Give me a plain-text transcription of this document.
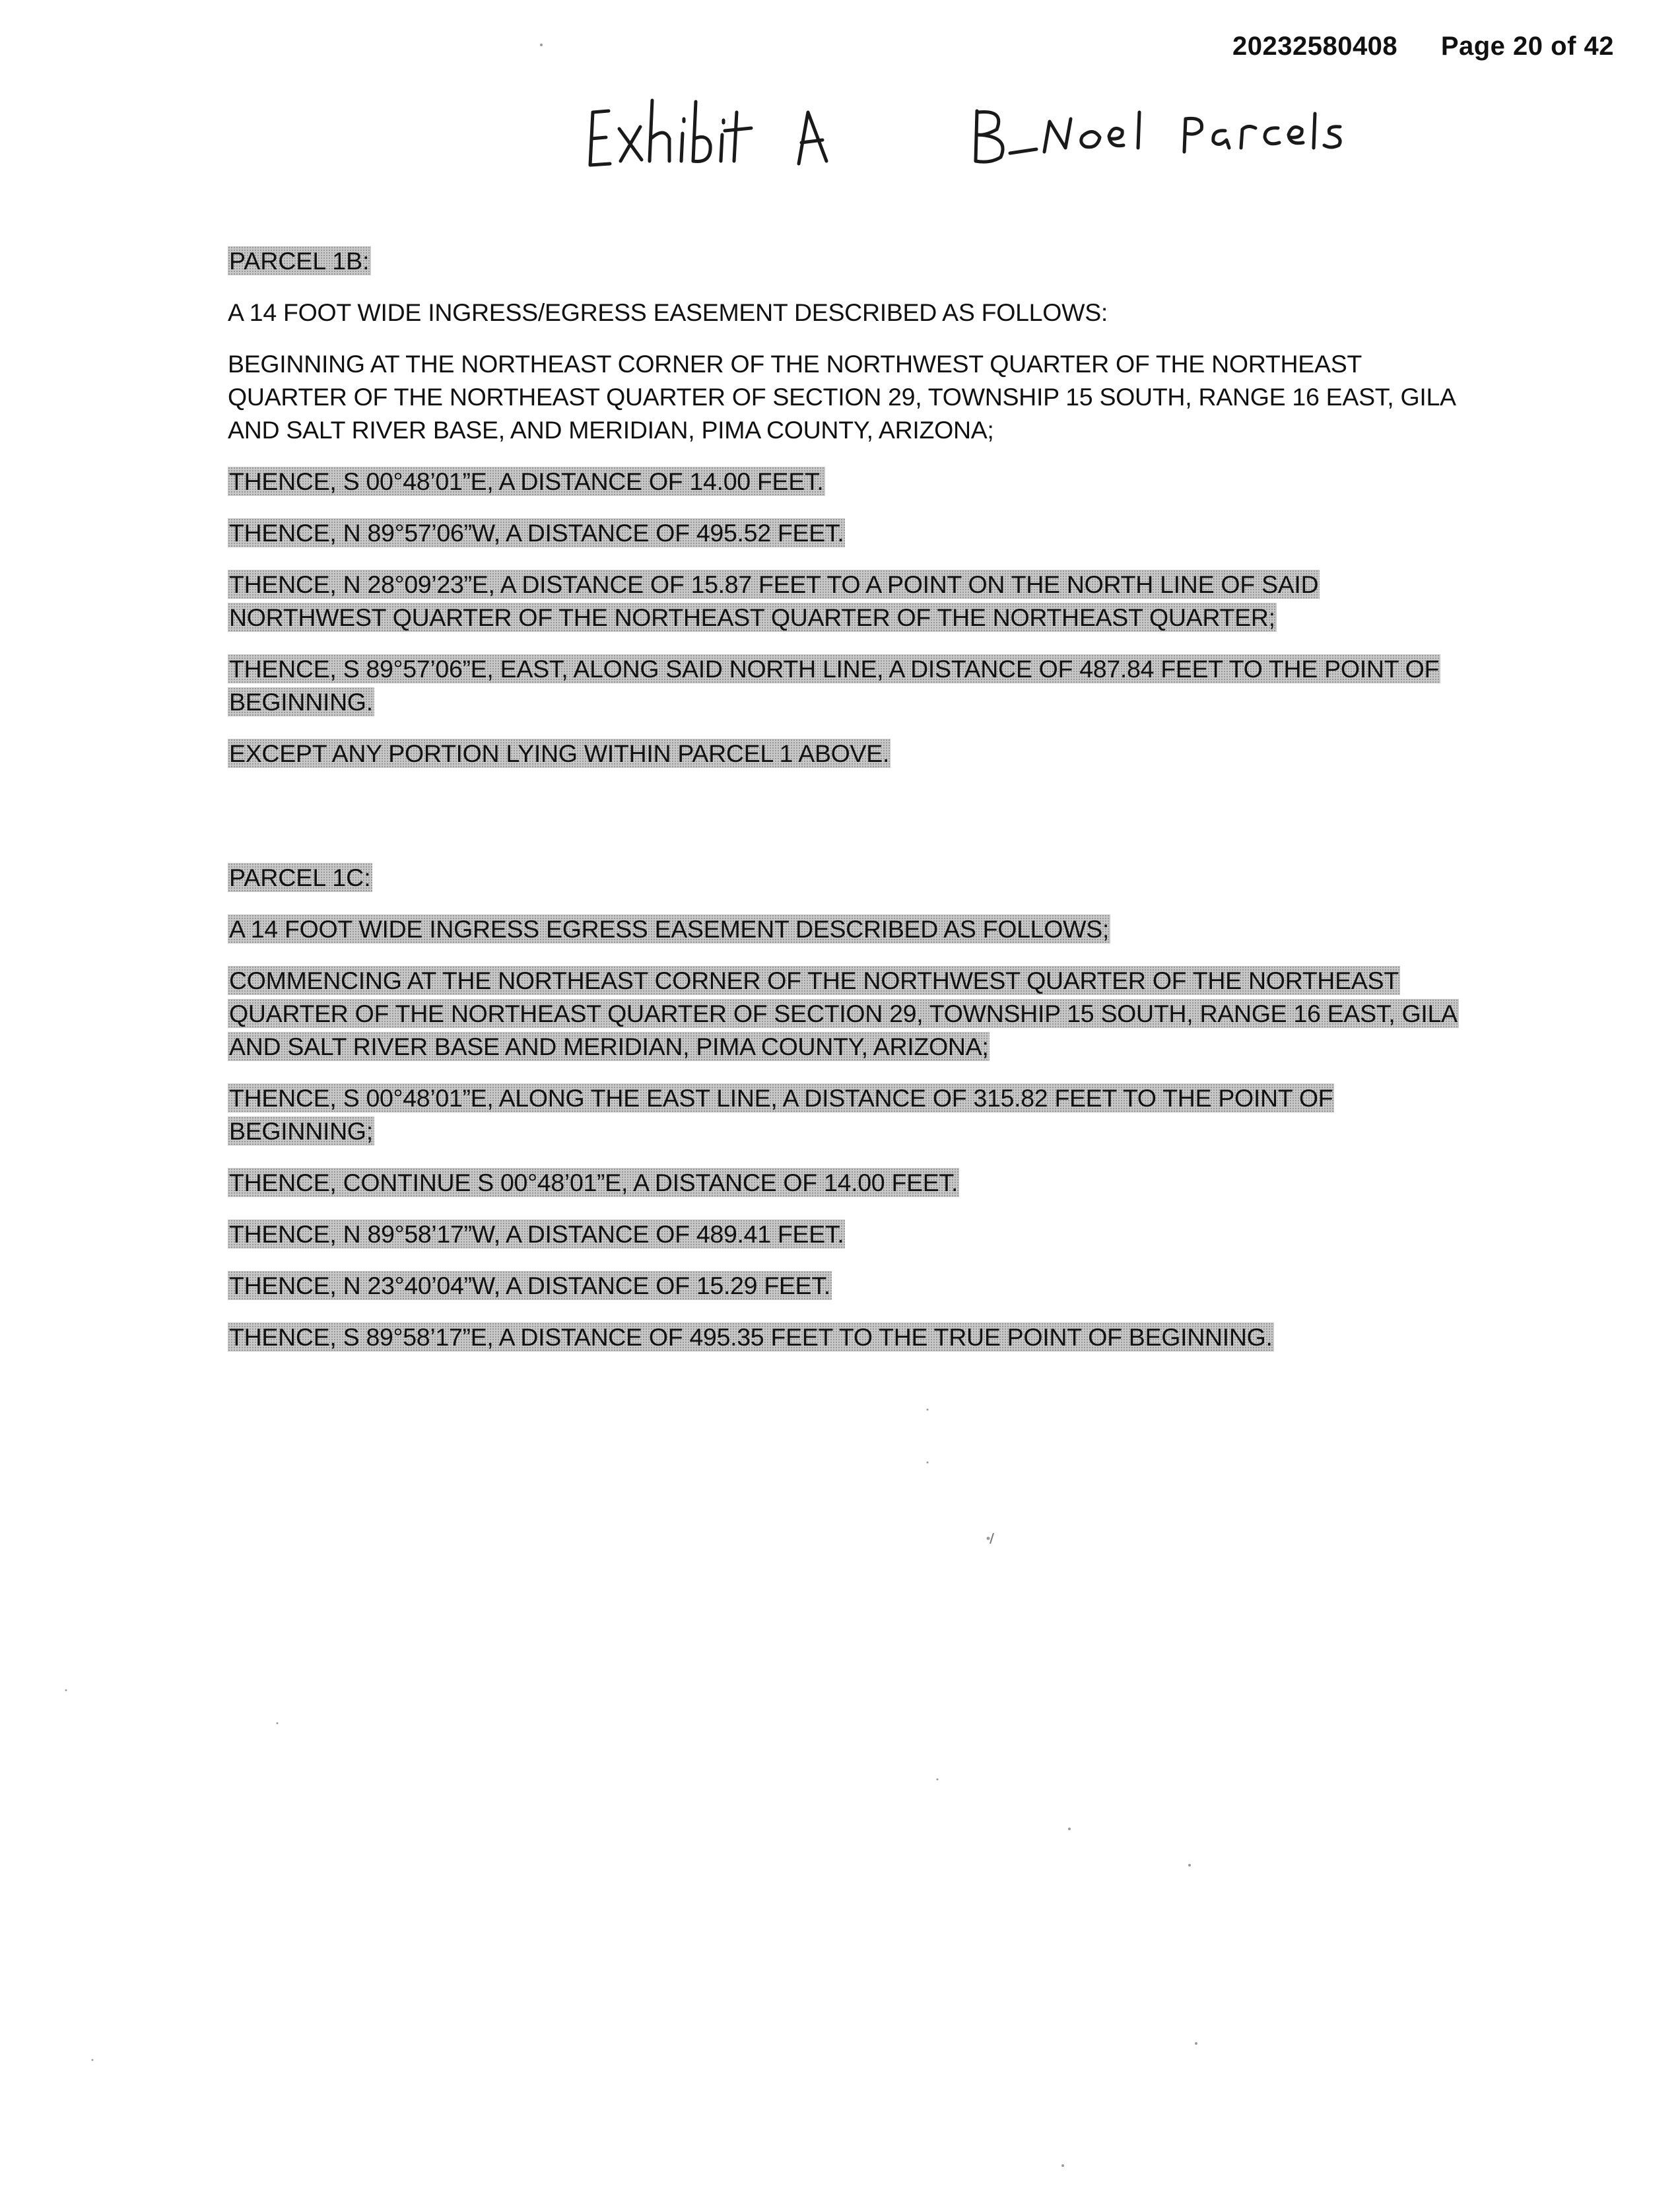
20232580408 Page 20 of 42

PARCEL 1B:

A 14 FOOT WIDE INGRESS/EGRESS EASEMENT DESCRIBED AS FOLLOWS:

BEGINNING AT THE NORTHEAST CORNER OF THE NORTHWEST QUARTER OF THE NORTHEAST QUARTER OF THE NORTHEAST QUARTER OF SECTION 29, TOWNSHIP 15 SOUTH, RANGE 16 EAST, GILA AND SALT RIVER BASE, AND MERIDIAN, PIMA COUNTY, ARIZONA;

THENCE, S 00°48’01”E, A DISTANCE OF 14.00 FEET.

THENCE, N 89°57’06”W, A DISTANCE OF 495.52 FEET.

THENCE, N 28°09’23”E, A DISTANCE OF 15.87 FEET TO A POINT ON THE NORTH LINE OF SAID NORTHWEST QUARTER OF THE NORTHEAST QUARTER OF THE NORTHEAST QUARTER;

THENCE, S 89°57’06”E, EAST, ALONG SAID NORTH LINE, A DISTANCE OF 487.84 FEET TO THE POINT OF BEGINNING.

EXCEPT ANY PORTION LYING WITHIN PARCEL 1 ABOVE.

PARCEL 1C:

A 14 FOOT WIDE INGRESS EGRESS EASEMENT DESCRIBED AS FOLLOWS;

COMMENCING AT THE NORTHEAST CORNER OF THE NORTHWEST QUARTER OF THE NORTHEAST QUARTER OF THE NORTHEAST QUARTER OF SECTION 29, TOWNSHIP 15 SOUTH, RANGE 16 EAST, GILA AND SALT RIVER BASE AND MERIDIAN, PIMA COUNTY, ARIZONA;

THENCE, S 00°48’01”E, ALONG THE EAST LINE, A DISTANCE OF 315.82 FEET TO THE POINT OF BEGINNING;

THENCE, CONTINUE S 00°48’01”E, A DISTANCE OF 14.00 FEET.

THENCE, N 89°58’17”W, A DISTANCE OF 489.41 FEET.

THENCE, N 23°40’04”W, A DISTANCE OF 15.29 FEET.

THENCE, S 89°58’17”E, A DISTANCE OF 495.35 FEET TO THE TRUE POINT OF BEGINNING.
